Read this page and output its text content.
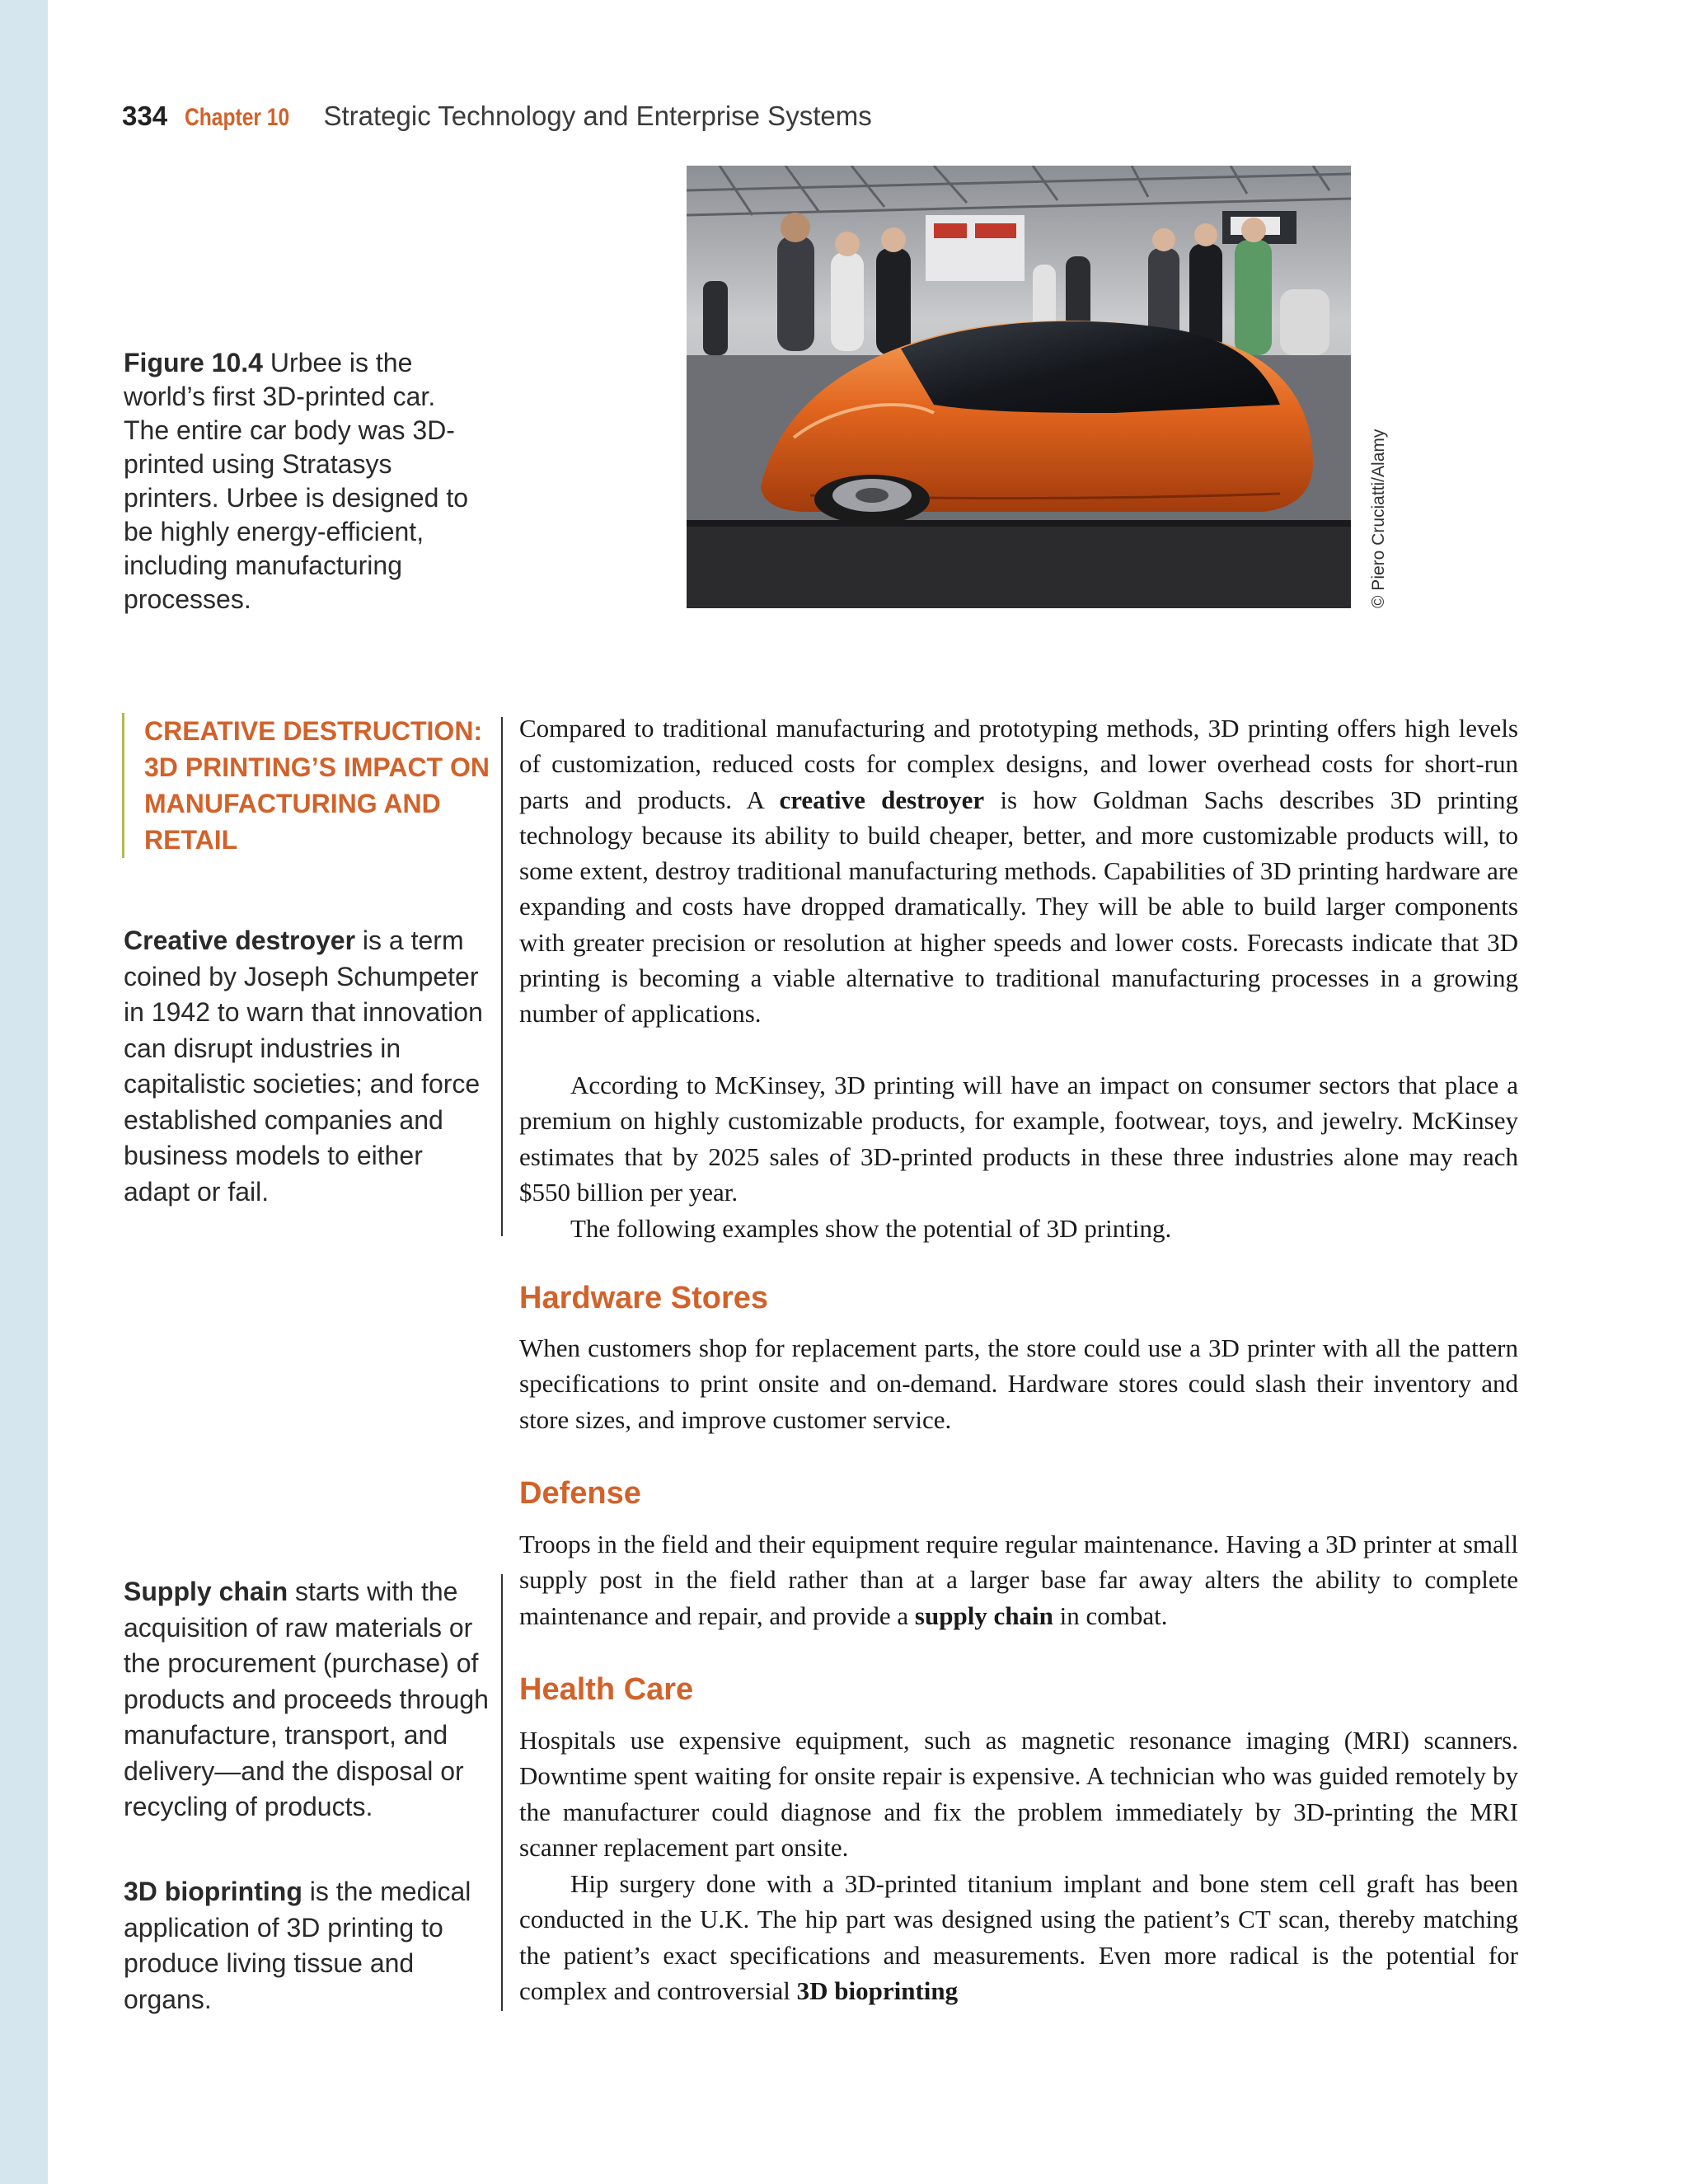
334 Chapter 10 Strategic Technology and Enterprise Systems
© Piero Cruciatti/Alamy
Figure 10.4 Urbee is the world’s first 3D-printed car. The entire car body was 3D-printed using Stratasys printers. Urbee is designed to be highly energy-efficient, including manufacturing processes.

CREATIVE DESTRUCTION: 3D PRINTING’S IMPACT ON MANUFACTURING AND RETAIL

Creative destroyer is a term coined by Joseph Schumpeter in 1942 to warn that innovation can disrupt industries in capitalistic societies; and force established companies and business models to either adapt or fail.
Supply chain starts with the acquisition of raw materials or the procurement (purchase) of products and proceeds through manufacture, transport, and delivery—and the disposal or recycling of products.
3D bioprinting is the medical application of 3D printing to produce living tissue and organs.

Compared to traditional manufacturing and prototyping methods, 3D printing offers high levels of customization, reduced costs for complex designs, and lower overhead costs for short-run parts and products. A creative destroyer is how Goldman Sachs describes 3D printing technology because its ability to build cheaper, better, and more customizable products will, to some extent, destroy traditional manufacturing methods. Capabilities of 3D printing hardware are expanding and costs have dropped dramatically. They will be able to build larger components with greater precision or resolution at higher speeds and lower costs. Forecasts indicate that 3D printing is becoming a viable alternative to traditional manufacturing processes in a growing number of applications.

According to McKinsey, 3D printing will have an impact on consumer sectors that place a premium on highly customizable products, for example, footwear, toys, and jewelry. McKinsey estimates that by 2025 sales of 3D-printed products in these three industries alone may reach $550 billion per year.

The following examples show the potential of 3D printing.

Hardware Stores

When customers shop for replacement parts, the store could use a 3D printer with all the pattern specifications to print onsite and on-demand. Hardware stores could slash their inventory and store sizes, and improve customer service.

Defense

Troops in the field and their equipment require regular maintenance. Having a 3D printer at small supply post in the field rather than at a larger base far away alters the ability to complete maintenance and repair, and provide a supply chain in combat.

Health Care

Hospitals use expensive equipment, such as magnetic resonance imaging (MRI) scanners. Downtime spent waiting for onsite repair is expensive. A technician who was guided remotely by the manufacturer could diagnose and fix the problem immediately by 3D-printing the MRI scanner replacement part onsite.

Hip surgery done with a 3D-printed titanium implant and bone stem cell graft has been conducted in the U.K. The hip part was designed using the patient’s CT scan, thereby matching the patient’s exact specifications and measurements. Even more radical is the potential for complex and controversial 3D bioprinting
